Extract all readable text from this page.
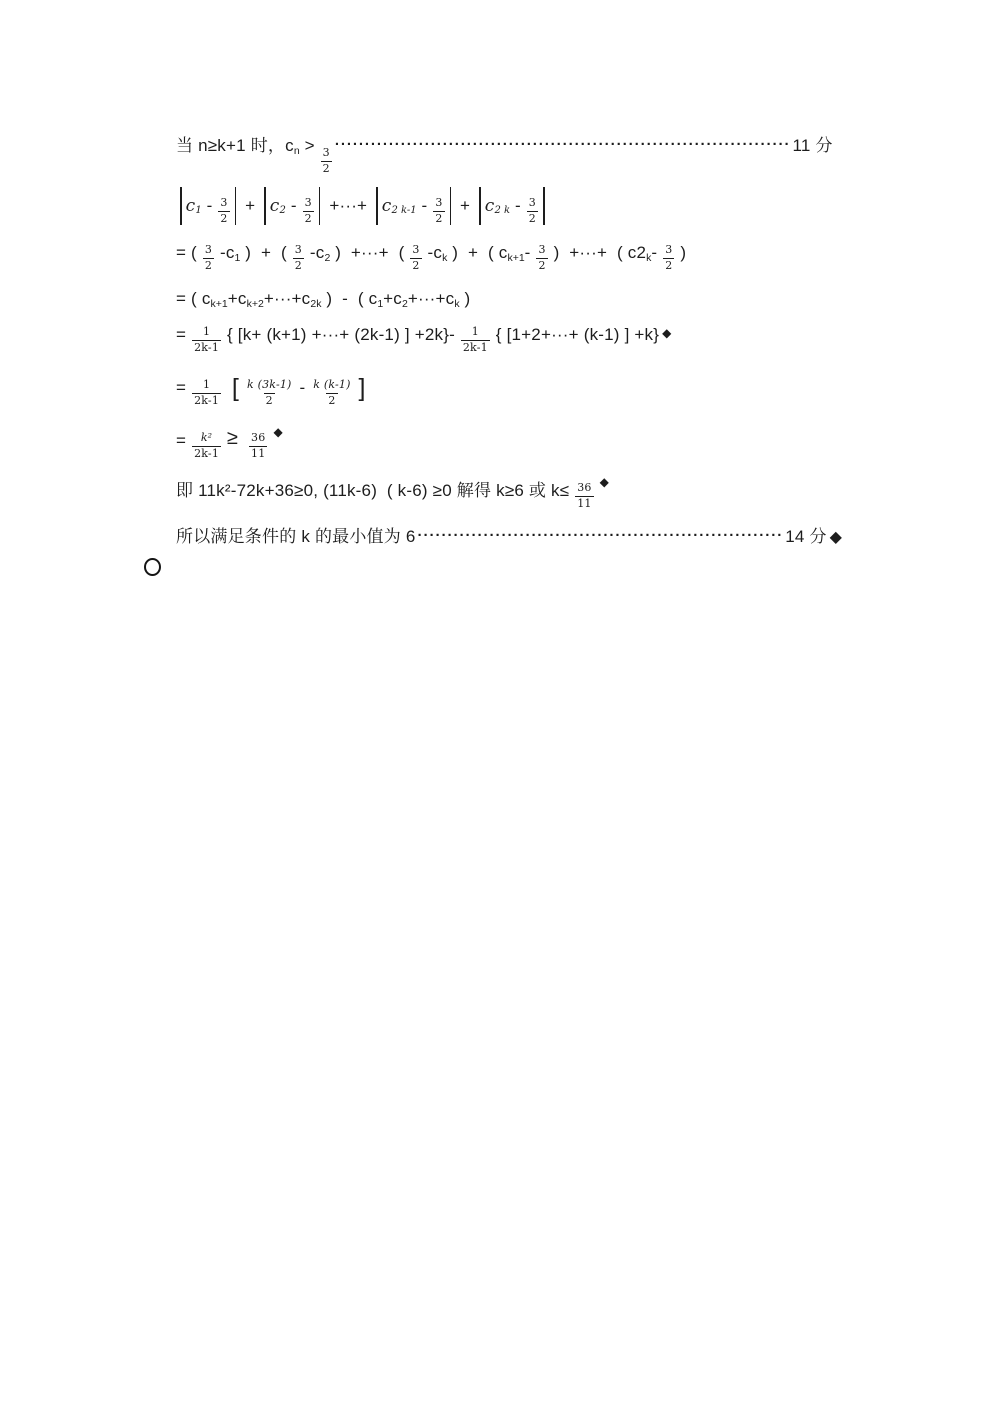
当 n≥k+1 时，c n >
$\frac{3}{2}$
············································································ 11 分
c $1 - \frac{3}{2} + c$ $2 - \frac{3}{2}$ +···+ c 2 $k-1 - \frac{3}{2} + c$ 2 k - $\frac{3}{2}$
= ( $\frac{3}{2} -c$ 1 )  +  ( $\frac{3}{2} -c$ 2 )  +···+  ( $\frac{3}{2} -c$ k )  +  ( c $k+1 - \frac{3}{2}$ )  +···+  ( c2 k - $\frac{3}{2}$ )
= ( c k+1 +c k+2 +···+c 2k )  -  ( c 1 +c 2 +···+c k )
= $\frac{1}{2k-1}$ { [k+ (k+1) +···+ (2k-1) ] $+2k\}- \frac{1}{2k-1}$ { [1+2+···+ (k-1) ] +k} ◆
= $\frac{1}{2k-1}$
[
$\frac{k (3k-1)}{2} - \frac{k (k-1)}{2}$
]
= $\frac{\text{k²}}{2k-1}$
≥
$\frac{36}{11}$
◆
即 11k²-72k+36≥0, (11k-6)  ( k-6) ≥0 解得 k≥6 或 $k\le \frac{36}{11}$
◆
所以满足条件的 k 的最小值为 6 ····························································· 14 分 ◆
